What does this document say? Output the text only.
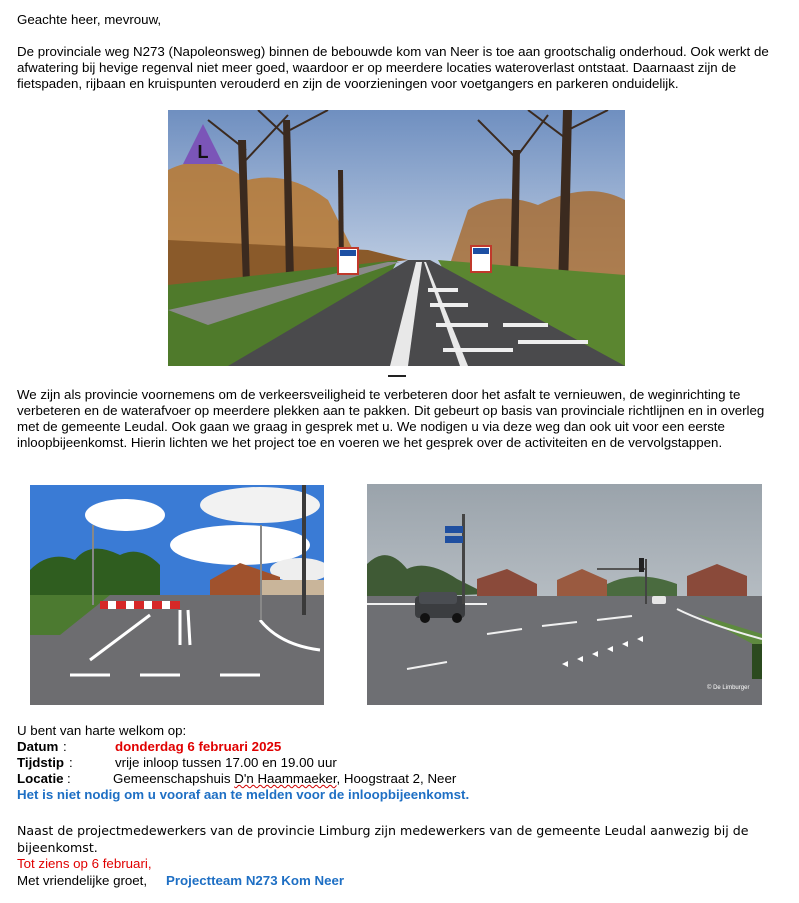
Geachte heer, mevrouw,

De provinciale weg N273 (Napoleonsweg) binnen de bebouwde kom van Neer is toe aan grootschalig onderhoud. Ook werkt de afwatering bij hevige regenval niet meer goed, waardoor er op meerdere locaties wateroverlast ontstaat. Daarnaast zijn de fietspaden, rijbaan en kruispunten verouderd en zijn de voorzieningen voor voetgangers en parkeren onduidelijk.

L

We zijn als provincie voornemens om de verkeersveiligheid te verbeteren door het asfalt te vernieuwen, de weginrichting te verbeteren en de waterafvoer op meerdere plekken aan te pakken. Dit gebeurt op basis van provinciale richtlijnen en in overleg met de gemeente Leudal. Ook gaan we graag in gesprek met u. We nodigen u via deze weg dan ook uit voor een eerste inloopbijeenkomst. Hierin lichten we het project toe en voeren we het gesprek over de activiteiten en de vervolgstappen.

© De Limburger
U bent van harte welkom op:
Datum :	donderdag 6 februari 2025
Tijdstip :	vrije inloop tussen 17.00 en 19.00 uur
Locatie :	Gemeenschapshuis D'n Haammaeker, Hoogstraat 2, Neer
Het is niet nodig om u vooraf aan te melden voor de inloopbijeenkomst.

Naast de projectmedewerkers van de provincie Limburg zijn medewerkers van de gemeente Leudal aanwezig bij de bijeenkomst.

Tot ziens op 6 februari,
Met vriendelijke groet, Projectteam N273 Kom Neer
